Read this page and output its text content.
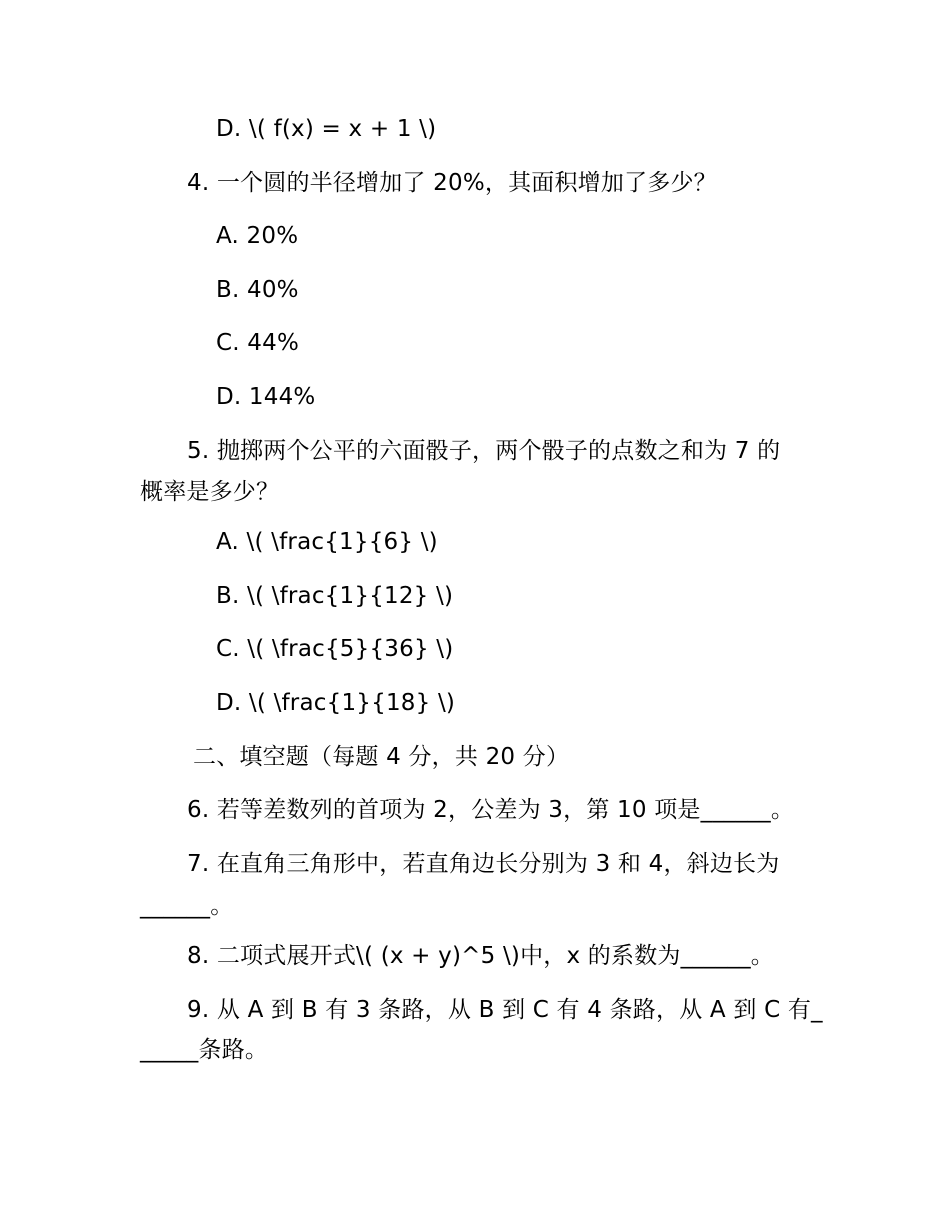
D. \( f(x) = x + 1 \)
4. 一个圆的半径增加了 20%，其面积增加了多少？
A. 20%
B. 40%
C. 44%
D. 144%
5. 抛掷两个公平的六面骰子，两个骰子的点数之和为 7 的
概率是多少？
A. \( \frac{1}{6} \)
B. \( \frac{1}{12} \)
C. \( \frac{5}{36} \)
D. \( \frac{1}{18} \)
二、填空题（每题 4 分，共 20 分）
6. 若等差数列的首项为 2，公差为 3，第 10 项是______。
7. 在直角三角形中，若直角边长分别为 3 和 4，斜边长为
______。
8. 二项式展开式\( (x + y)^5 \)中，x 的系数为______。
9. 从 A 到 B 有 3 条路，从 B 到 C 有 4 条路，从 A 到 C 有_
_____条路。
